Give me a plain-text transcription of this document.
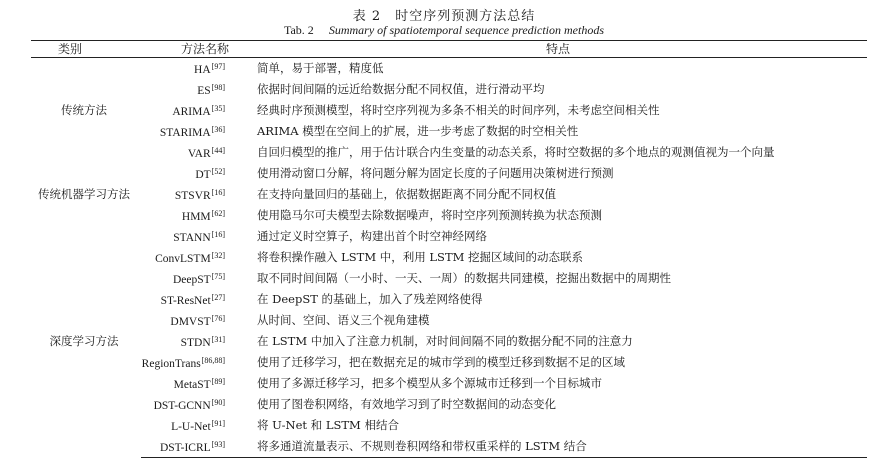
表 2　时空序列预测方法总结
Tab. 2 Summary of spatiotemporal sequence prediction methods
类别	方法名称	特点
传统方法	HA[97]	简单，易于部署，精度低
	ES[98]	依据时间间隔的远近给数据分配不同权值，进行滑动平均
	ARIMA[35]	经典时序预测模型，将时空序列视为多条不相关的时间序列，未考虑空间相关性
	STARIMA[36]	ARIMA 模型在空间上的扩展，进一步考虑了数据的时空相关性
	VAR[44]	自回归模型的推广，用于估计联合内生变量的动态关系，将时空数据的多个地点的观测值视为一个向量
传统机器学习方法	DT[52]	使用滑动窗口分解，将问题分解为固定长度的子问题用决策树进行预测
	STSVR[16]	在支持向量回归的基础上，依据数据距离不同分配不同权值
	HMM[62]	使用隐马尔可夫模型去除数据噪声，将时空序列预测转换为状态预测
深度学习方法	STANN[16]	通过定义时空算子，构建出首个时空神经网络
	ConvLSTM[32]	将卷积操作融入 LSTM 中，利用 LSTM 挖掘区域间的动态联系
	DeepST[75]	取不同时间间隔（一小时、一天、一周）的数据共同建模，挖掘出数据中的周期性
	ST-ResNet[27]	在 DeepST 的基础上，加入了残差网络使得
	DMVST[76]	从时间、空间、语义三个视角建模
	STDN[31]	在 LSTM 中加入了注意力机制，对时间间隔不同的数据分配不同的注意力
	RegionTrans[86,88]	使用了迁移学习，把在数据充足的城市学到的模型迁移到数据不足的区域
	MetaST[89]	使用了多源迁移学习，把多个模型从多个源城市迁移到一个目标城市
	DST-GCNN[90]	使用了图卷积网络，有效地学习到了时空数据间的动态变化
	L-U-Net[91]	将 U-Net 和 LSTM 相结合
	DST-ICRL[93]	将多通道流量表示、不规则卷积网络和带权重采样的 LSTM 结合
